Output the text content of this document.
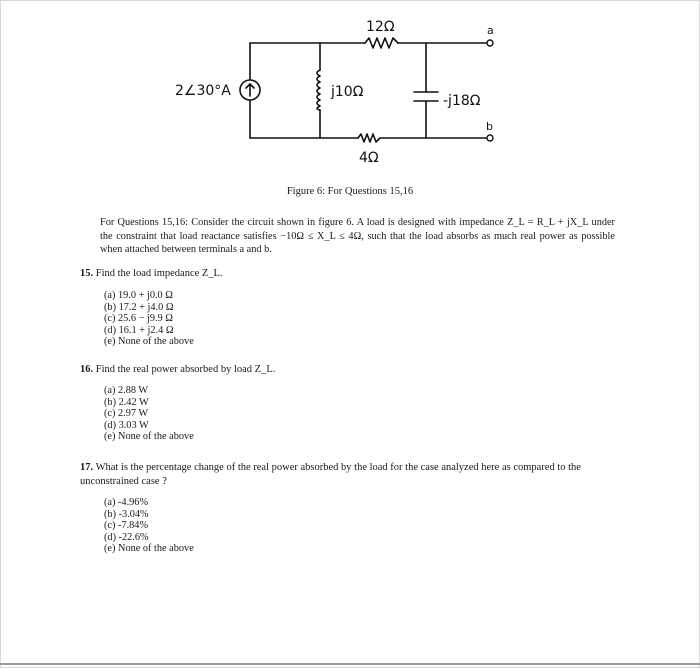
2∠30°A
12Ω
j10Ω
-j18Ω
4Ω
a
b
Figure 6: For Questions 15,16
For Questions 15,16: Consider the circuit shown in figure 6. A load is designed with impedance Z_L = R_L + jX_L under the constraint that load reactance satisfies −10Ω ≤ X_L ≤ 4Ω, such that the load absorbs as much real power as possible when attached between terminals a and b.
15. Find the load impedance Z_L.
(a) 19.0 + j0.0 Ω
(b) 17.2 + j4.0 Ω
(c) 25.6 − j9.9 Ω
(d) 16.1 + j2.4 Ω
(e) None of the above
16. Find the real power absorbed by load Z_L.
(a) 2.88 W
(b) 2.42 W
(c) 2.97 W
(d) 3.03 W
(e) None of the above
17. What is the percentage change of the real power absorbed by the load for the case analyzed here as compared to the unconstrained case ?
(a) -4.96%
(b) -3.04%
(c) -7.84%
(d) -22.6%
(e) None of the above
